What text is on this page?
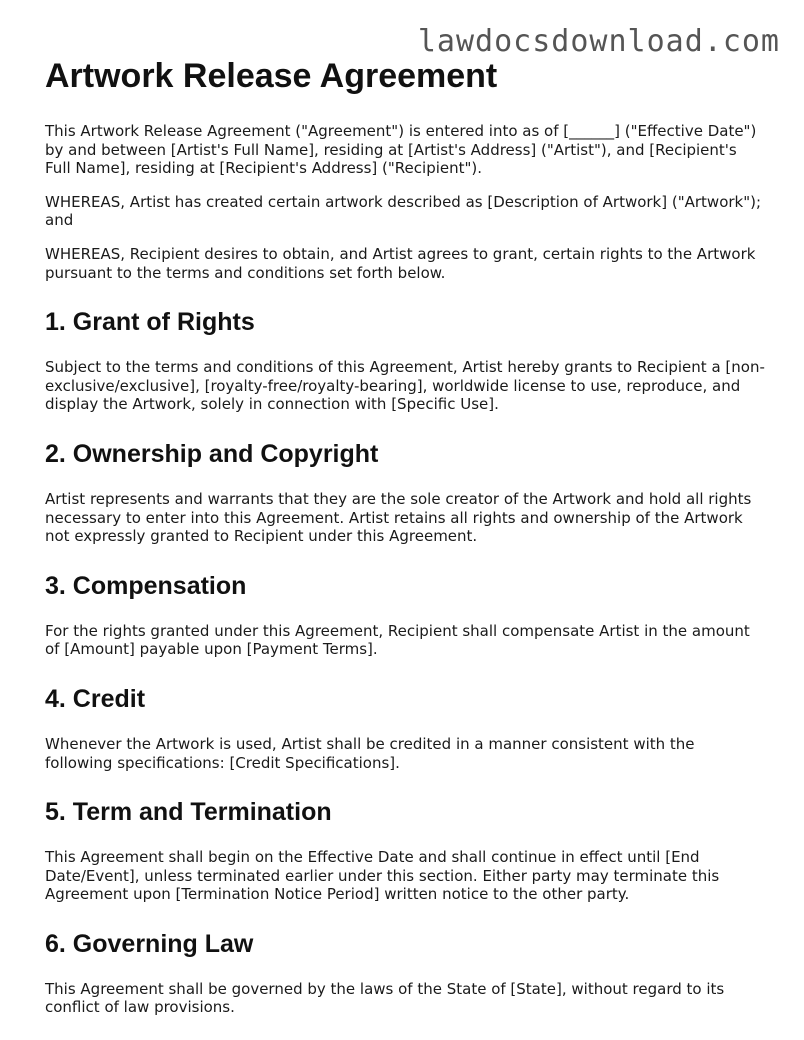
lawdocsdownload.com
Artwork Release Agreement

This Artwork Release Agreement ("Agreement") is entered into as of [______] ("Effective Date") by and between [Artist's Full Name], residing at [Artist's Address] ("Artist"), and [Recipient's Full Name], residing at [Recipient's Address] ("Recipient").

WHEREAS, Artist has created certain artwork described as [Description of Artwork] ("Artwork"); and

WHEREAS, Recipient desires to obtain, and Artist agrees to grant, certain rights to the Artwork pursuant to the terms and conditions set forth below.

1. Grant of Rights

Subject to the terms and conditions of this Agreement, Artist hereby grants to Recipient a [non-exclusive/exclusive], [royalty-free/royalty-bearing], worldwide license to use, reproduce, and display the Artwork, solely in connection with [Specific Use].

2. Ownership and Copyright

Artist represents and warrants that they are the sole creator of the Artwork and hold all rights necessary to enter into this Agreement. Artist retains all rights and ownership of the Artwork not expressly granted to Recipient under this Agreement.

3. Compensation

For the rights granted under this Agreement, Recipient shall compensate Artist in the amount of [Amount] payable upon [Payment Terms].

4. Credit

Whenever the Artwork is used, Artist shall be credited in a manner consistent with the following specifications: [Credit Specifications].

5. Term and Termination

This Agreement shall begin on the Effective Date and shall continue in effect until [End Date/Event], unless terminated earlier under this section. Either party may terminate this Agreement upon [Termination Notice Period] written notice to the other party.

6. Governing Law

This Agreement shall be governed by the laws of the State of [State], without regard to its conflict of law provisions.
